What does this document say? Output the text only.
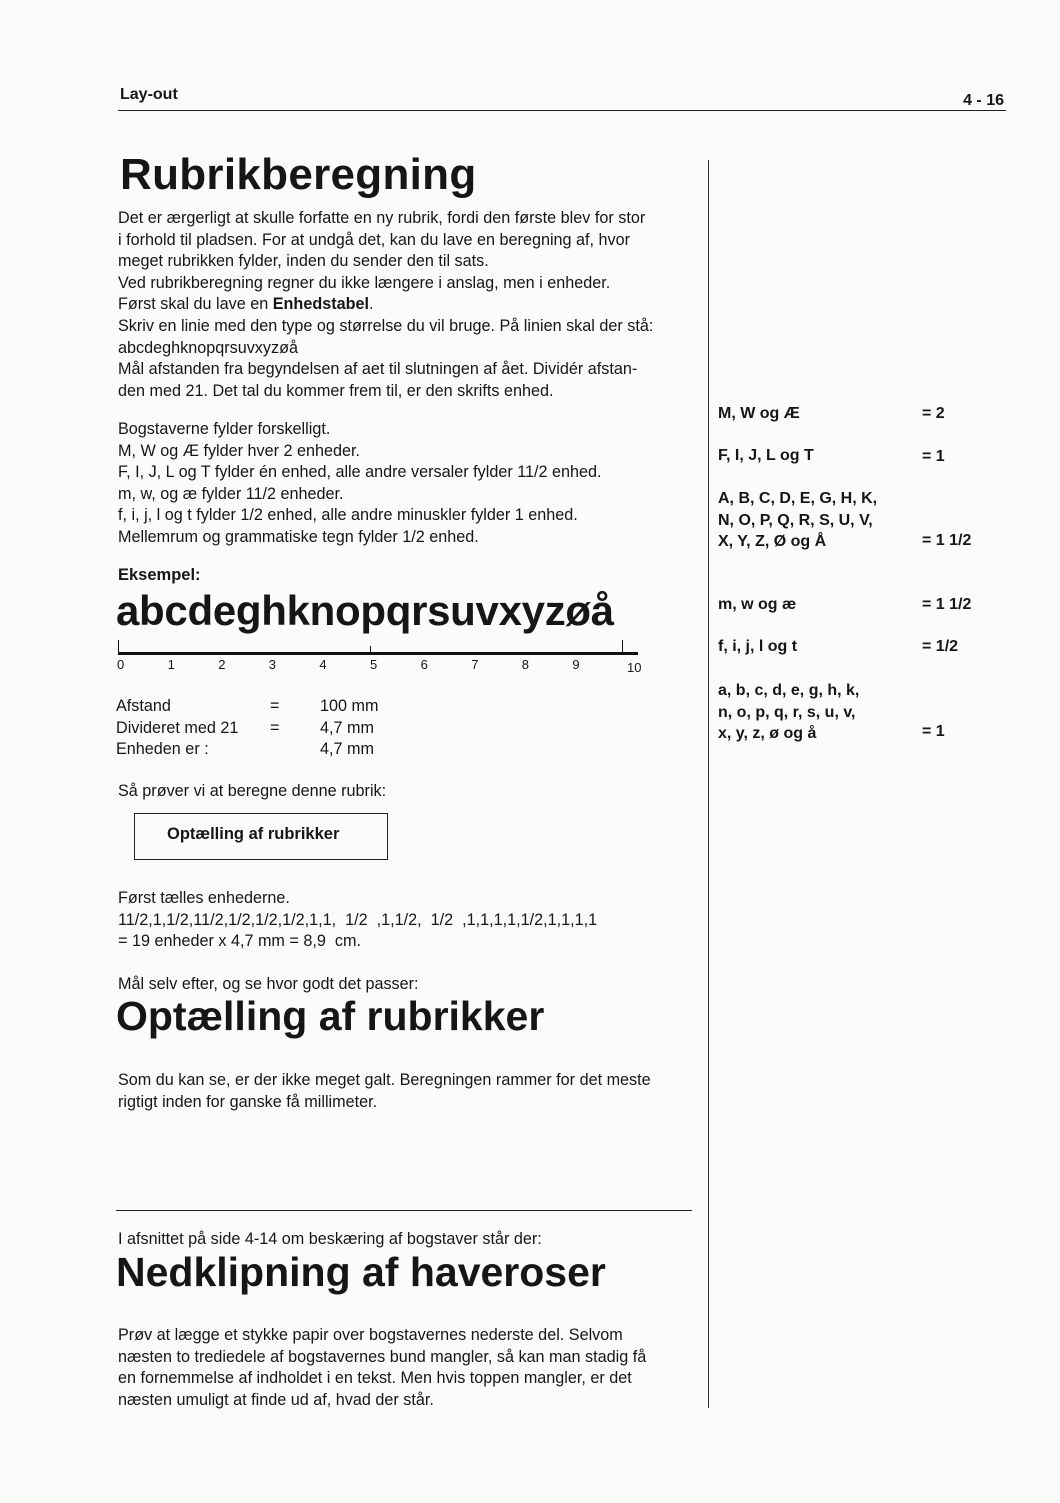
Lay-out	4 - 16
Rubrikberegning
Det er ærgerligt at skulle forfatte en ny rubrik, fordi den første blev for stor
i forhold til pladsen. For at undgå det, kan du lave en beregning af, hvor
meget rubrikken fylder, inden du sender den til sats.
Ved rubrikberegning regner du ikke længere i anslag, men i enheder.
Først skal du lave en Enhedstabel.
Skriv en linie med den type og størrelse du vil bruge. På linien skal der stå:
abcdeghknopqrsuvxyzøå
Mål afstanden fra begyndelsen af aet til slutningen af ået. Dividér afstan-
den med 21. Det tal du kommer frem til, er den skrifts enhed.
Bogstaverne fylder forskelligt.
M, W og Æ fylder hver 2 enheder.
F, I, J, L og T fylder én enhed, alle andre versaler fylder 11/2 enhed.
m, w, og æ fylder 11/2 enheder.
f, i, j, l og t fylder 1/2 enhed, alle andre minuskler fylder 1 enhed.
Mellemrum og grammatiske tegn fylder 1/2 enhed.
Eksempel:
abcdeghknopqrsuvxyzøå
0	1	2	3	4	5	6	7	8	9	10
Afstand	=	100 mm
Divideret med 21 =	4,7 mm
Enheden er :	4,7 mm
Så prøver vi at beregne denne rubrik:
Optælling af rubrikker
Først tælles enhederne.
11/2,1,1/2,11/2,1/2,1/2,1/2,1,1,  1/2  ,1,1/2,  1/2  ,1,1,1,1,1/2,1,1,1,1
= 19 enheder x 4,7 mm = 8,9  cm.
Mål selv efter, og se hvor godt det passer:
Optælling af rubrikker
Som du kan se, er der ikke meget galt. Beregningen rammer for det meste
rigtigt inden for ganske få millimeter.
I afsnittet på side 4-14 om beskæring af bogstaver står der:
Nedklipning af haveroser
Prøv at lægge et stykke papir over bogstavernes nederste del. Selvom
næsten to trediedele af bogstavernes bund mangler, så kan man stadig få
en fornemmelse af indholdet i en tekst. Men hvis toppen mangler, er det
næsten umuligt at finde ud af, hvad der står.
M, W og Æ	= 2
F, I, J, L og T	= 1
A, B, C, D, E, G, H, K,
N, O, P, Q, R, S, U, V,
X, Y, Z, Ø og Å	= 1 1/2
m, w og æ	= 1 1/2
f, i, j, l og t	= 1/2
a, b, c, d, e, g, h, k,
n, o, p, q, r, s, u, v,
x, y, z, ø og å	= 1
